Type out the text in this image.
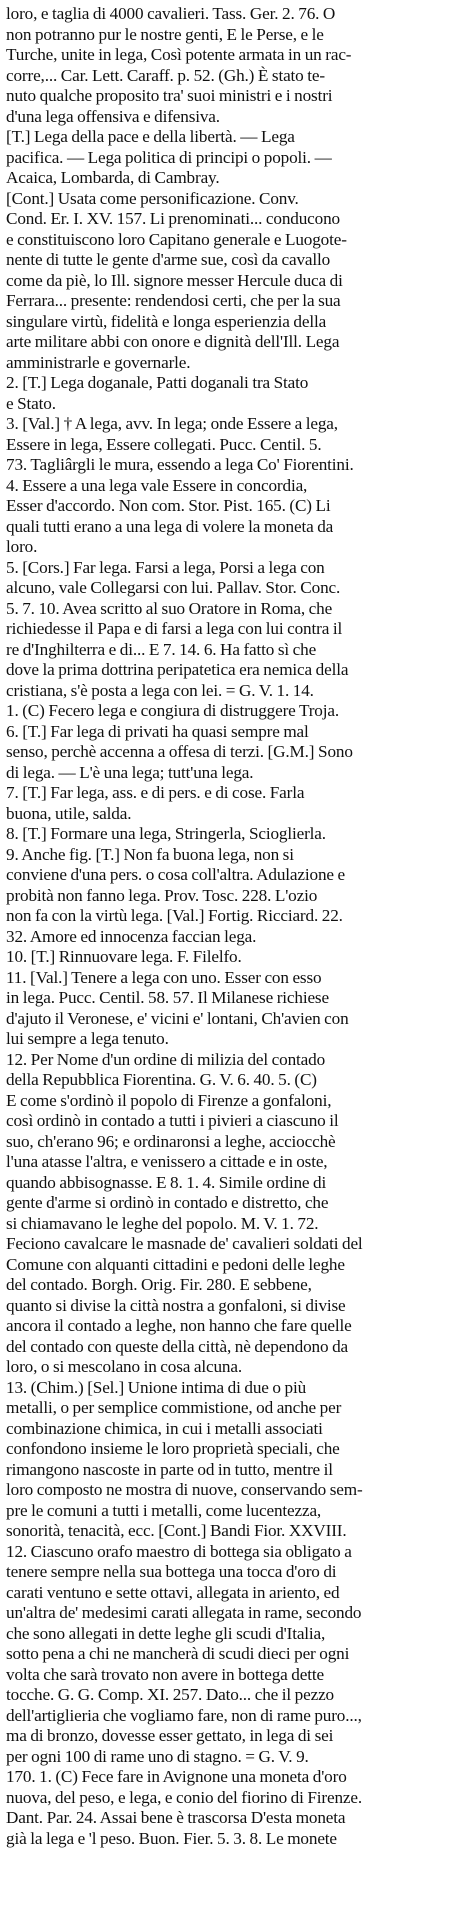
loro, e taglia di 4000 cavalieri. Tass. Ger. 2. 76. O
non potranno pur le nostre genti, E le Perse, e le
Turche, unite in lega, Così potente armata in un rac-
corre,... Car. Lett. Caraff. p. 52. (Gh.) È stato te-
nuto qualche proposito tra' suoi ministri e i nostri
d'una lega offensiva e difensiva.
[T.] Lega della pace e della libertà. — Lega
pacifica. — Lega politica di principi o popoli. —
Acaica, Lombarda, di Cambray.
[Cont.] Usata come personificazione. Conv.
Cond. Er. I. XV. 157. Li prenominati... conducono
e constituiscono loro Capitano generale e Luogote-
nente di tutte le gente d'arme sue, così da cavallo
come da piè, lo Ill. signore messer Hercule duca di
Ferrara... presente: rendendosi certi, che per la sua
singulare virtù, fidelità e longa esperienzia della
arte militare abbi con onore e dignità dell'Ill. Lega
amministrarle e governarle.
2. [T.] Lega doganale, Patti doganali tra Stato
e Stato.
3. [Val.] † A lega, avv. In lega; onde Essere a lega,
Essere in lega, Essere collegati. Pucc. Centil. 5.
73. Tagliârgli le mura, essendo a lega Co' Fiorentini.
4. Essere a una lega vale Essere in concordia,
Esser d'accordo. Non com. Stor. Pist. 165. (C) Li
quali tutti erano a una lega di volere la moneta da
loro.
5. [Cors.] Far lega. Farsi a lega, Porsi a lega con
alcuno, vale Collegarsi con lui. Pallav. Stor. Conc.
5. 7. 10. Avea scritto al suo Oratore in Roma, che
richiedesse il Papa e di farsi a lega con lui contra il
re d'Inghilterra e di... E 7. 14. 6. Ha fatto sì che
dove la prima dottrina peripatetica era nemica della
cristiana, s'è posta a lega con lei. = G. V. 1. 14.
1. (C) Fecero lega e congiura di distruggere Troja.
6. [T.] Far lega di privati ha quasi sempre mal
senso, perchè accenna a offesa di terzi. [G.M.] Sono
di lega. — L'è una lega; tutt'una lega.
7. [T.] Far lega, ass. e di pers. e di cose. Farla
buona, utile, salda.
8. [T.] Formare una lega, Stringerla, Scioglierla.
9. Anche fig. [T.] Non fa buona lega, non si
conviene d'una pers. o cosa coll'altra. Adulazione e
probità non fanno lega. Prov. Tosc. 228. L'ozio
non fa con la virtù lega. [Val.] Fortig. Ricciard. 22.
32. Amore ed innocenza faccian lega.
10. [T.] Rinnuovare lega. F. Filelfo.
11. [Val.] Tenere a lega con uno. Esser con esso
in lega. Pucc. Centil. 58. 57. Il Milanese richiese
d'ajuto il Veronese, e' vicini e' lontani, Ch'avien con
lui sempre a lega tenuto.
12. Per Nome d'un ordine di milizia del contado
della Repubblica Fiorentina. G. V. 6. 40. 5. (C)
E come s'ordinò il popolo di Firenze a gonfaloni,
così ordinò in contado a tutti i pivieri a ciascuno il
suo, ch'erano 96; e ordinaronsi a leghe, acciocchè
l'una atasse l'altra, e venissero a cittade e in oste,
quando abbisognasse. E 8. 1. 4. Simile ordine di
gente d'arme si ordinò in contado e distretto, che
si chiamavano le leghe del popolo. M. V. 1. 72.
Feciono cavalcare le masnade de' cavalieri soldati del
Comune con alquanti cittadini e pedoni delle leghe
del contado. Borgh. Orig. Fir. 280. E sebbene,
quanto si divise la città nostra a gonfaloni, si divise
ancora il contado a leghe, non hanno che fare quelle
del contado con queste della città, nè dependono da
loro, o si mescolano in cosa alcuna.
13. (Chim.) [Sel.] Unione intima di due o più
metalli, o per semplice commistione, od anche per
combinazione chimica, in cui i metalli associati
confondono insieme le loro proprietà speciali, che
rimangono nascoste in parte od in tutto, mentre il
loro composto ne mostra di nuove, conservando sem-
pre le comuni a tutti i metalli, come lucentezza,
sonorità, tenacità, ecc. [Cont.] Bandi Fior. XXVIII.
12. Ciascuno orafo maestro di bottega sia obligato a
tenere sempre nella sua bottega una tocca d'oro di
carati ventuno e sette ottavi, allegata in ariento, ed
un'altra de' medesimi carati allegata in rame, secondo
che sono allegati in dette leghe gli scudi d'Italia,
sotto pena a chi ne mancherà di scudi dieci per ogni
volta che sarà trovato non avere in bottega dette
tocche. G. G. Comp. XI. 257. Dato... che il pezzo
dell'artiglieria che vogliamo fare, non di rame puro...,
ma di bronzo, dovesse esser gettato, in lega di sei
per ogni 100 di rame uno di stagno. = G. V. 9.
170. 1. (C) Fece fare in Avignone una moneta d'oro
nuova, del peso, e lega, e conio del fiorino di Firenze.
Dant. Par. 24. Assai bene è trascorsa D'esta moneta
già la lega e 'l peso. Buon. Fier. 5. 3. 8. Le monete
